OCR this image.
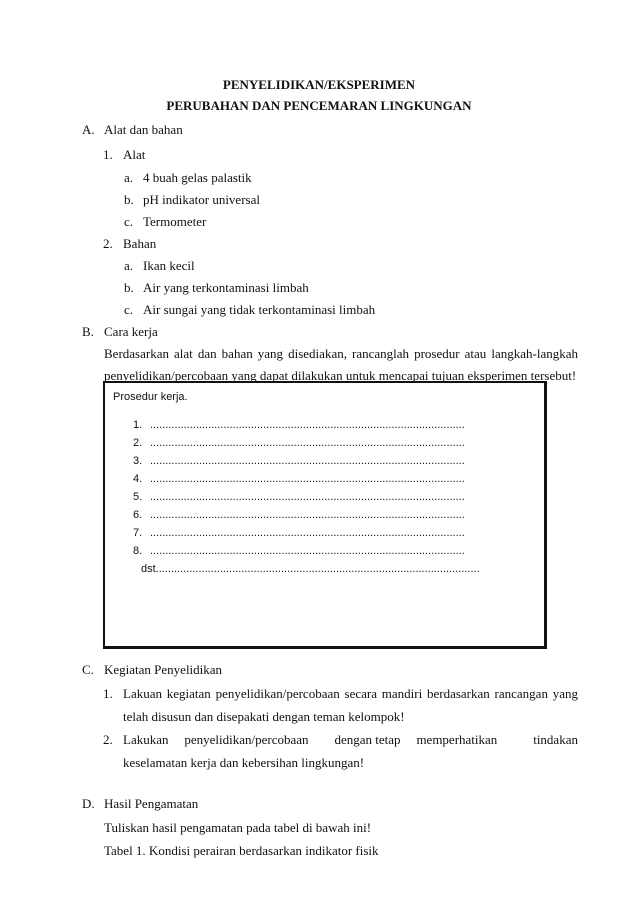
PENYELIDIKAN/EKSPERIMEN
PERUBAHAN DAN PENCEMARAN LINGKUNGAN
A. Alat dan bahan
1. Alat
a. 4 buah gelas palastik
b. pH indikator universal
c. Termometer
2. Bahan
a. Ikan kecil
b. Air yang terkontaminasi limbah
c. Air sungai yang tidak terkontaminasi limbah
B. Cara kerja
Berdasarkan alat dan bahan yang disediakan, rancanglah prosedur atau langkah-langkah
penyelidikan/percobaan yang dapat dilakukan untuk mencapai tujuan eksperimen tersebut!
Prosedur kerja.
1. .......................................................................................................
2. .......................................................................................................
3. .......................................................................................................
4. .......................................................................................................
5. .......................................................................................................
6. .......................................................................................................
7. .......................................................................................................
8. .......................................................................................................
dst..........................................................................................................
C. Kegiatan Penyelidikan
1. Lakuan kegiatan penyelidikan/percobaan secara mandiri berdasarkan rancangan yang
telah disusun dan disepakati dengan teman kelompok!
2. Lakukan penyelidikan/percobaan dengan tetap memperhatikan	tindakan
keselamatan kerja dan kebersihan lingkungan!
D. Hasil Pengamatan
Tuliskan hasil pengamatan pada tabel di bawah ini!
Tabel 1. Kondisi perairan berdasarkan indikator fisik
